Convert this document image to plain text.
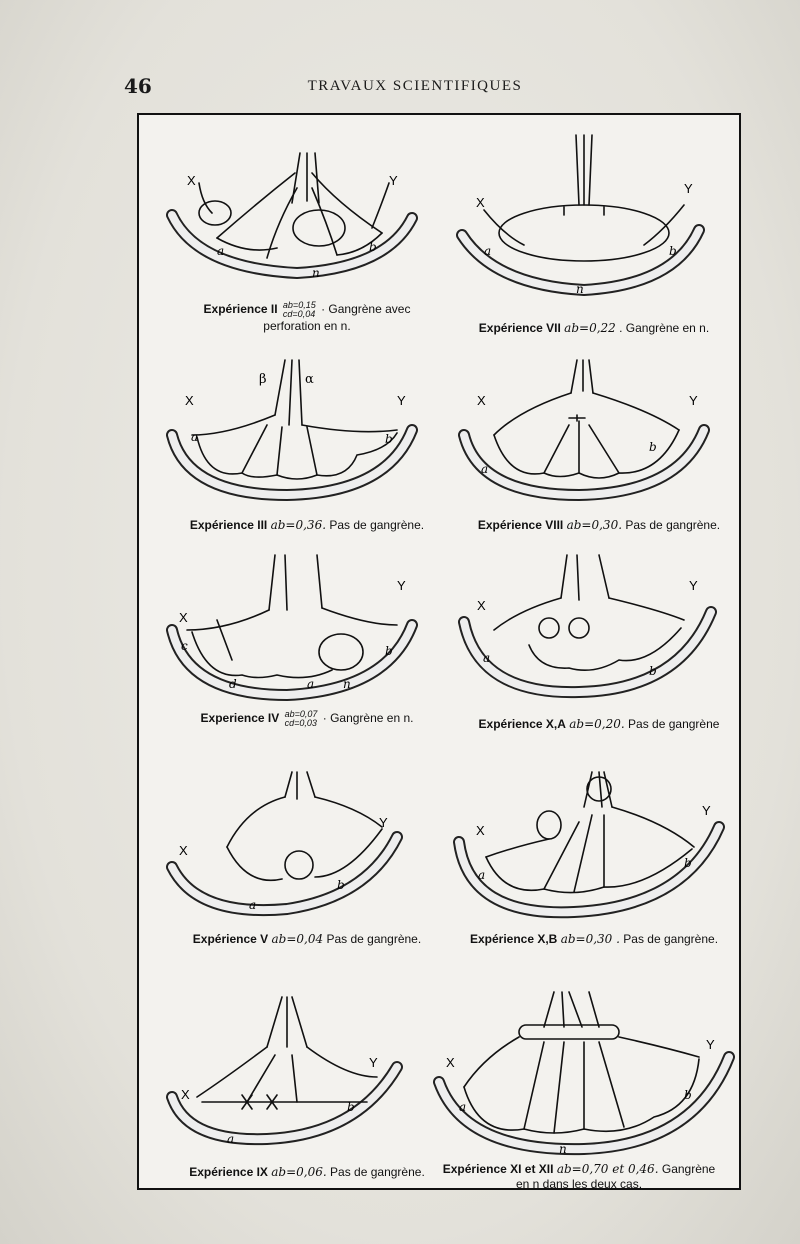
46	TRAVAUX SCIENTIFIQUES
X	Y
a	b
n
Expérience II ab=0,15
cd=0,04 · Gangrène avec
perforation en n.
X
Y
a	b
n
Expérience VII ab=0,22 . Gangrène en n.
X	Y
β	α
a	b
Expérience III ab=0,36. Pas de gangrène.
X	Y
a
b
Expérience VIII ab=0,30. Pas de gangrène.
X
Y
c
d	a
b
n
Experience IV ab=0,07
cd=0,03 · Gangrène en n.
X
Y
a
b
Expérience X,A ab=0,20. Pas de gangrène
X
Y
a
b
Expérience V ab=0,04 Pas de gangrène.
X
Y
a
b
Expérience X,B ab=0,30 . Pas de gangrène.
X
Y
a
b
Expérience IX ab=0,06. Pas de gangrène.
X
Y
a
b
n
Expérience XI et XII ab=0,70 et 0,46. Gangrène
en n dans les deux cas.
